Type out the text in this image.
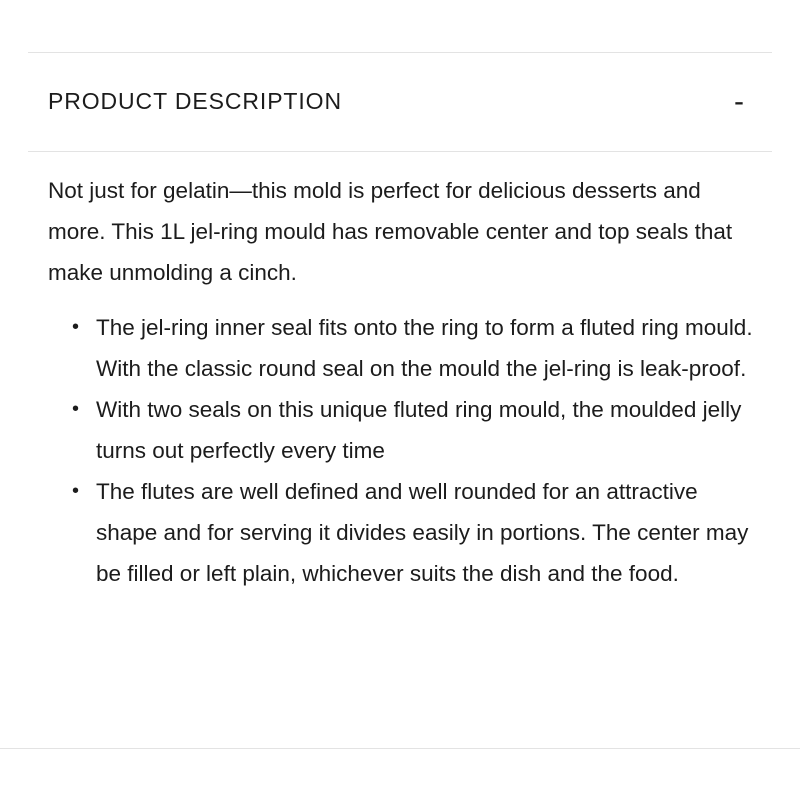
PRODUCT DESCRIPTION	-

Not just for gelatin—this mold is perfect for delicious desserts and more. This 1L jel-ring mould has removable center and top seals that make unmolding a cinch.

• The jel-ring inner seal fits onto the ring to form a fluted ring mould. With the classic round seal on the mould the jel-ring is leak-proof.
• With two seals on this unique fluted ring mould, the moulded jelly turns out perfectly every time
• The flutes are well defined and well rounded for an attractive shape and for serving it divides easily in portions. The center may be filled or left plain, whichever suits the dish and the food.
